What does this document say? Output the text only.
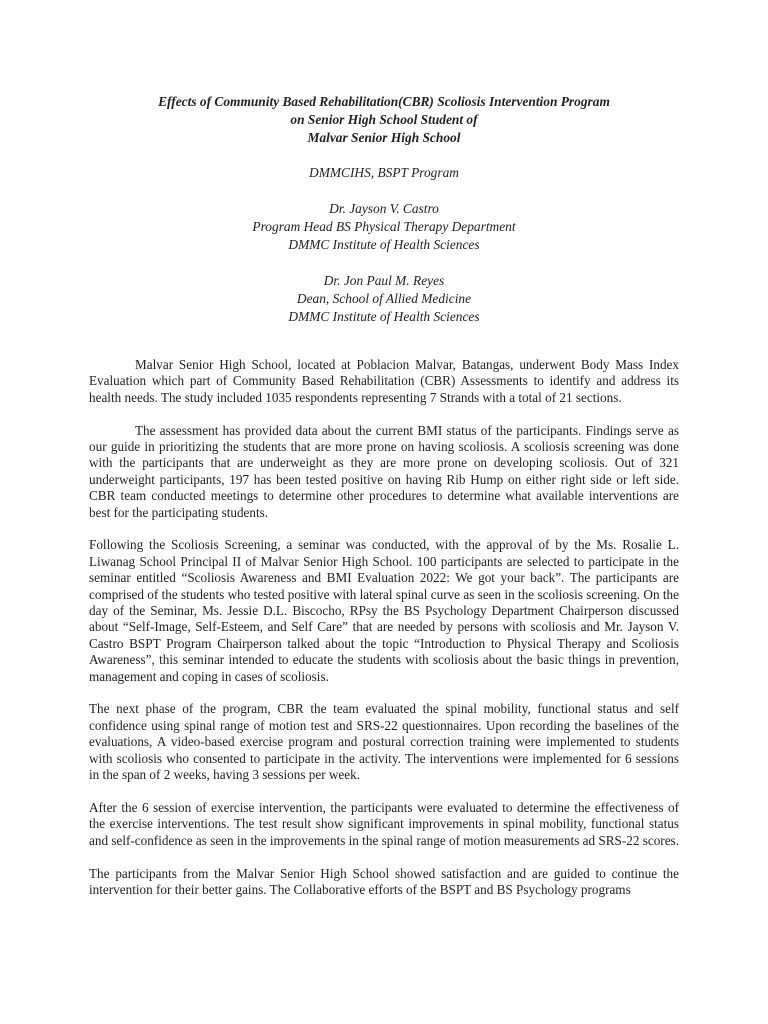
Effects of Community Based Rehabilitation(CBR) Scoliosis Intervention Program
on Senior High School Student of
Malvar Senior High School
DMMCIHS, BSPT Program
Dr. Jayson V. Castro
Program Head BS Physical Therapy Department
DMMC Institute of Health Sciences
Dr. Jon Paul M. Reyes
Dean, School of Allied Medicine
DMMC Institute of Health Sciences

Malvar Senior High School, located at Poblacion Malvar, Batangas, underwent Body Mass Index Evaluation which part of Community Based Rehabilitation (CBR) Assessments to identify and address its health needs. The study included 1035 respondents representing 7 Strands with a total of 21 sections.

The assessment has provided data about the current BMI status of the participants. Findings serve as our guide in prioritizing the students that are more prone on having scoliosis. A scoliosis screening was done with the participants that are underweight as they are more prone on developing scoliosis. Out of 321 underweight participants, 197 has been tested positive on having Rib Hump on either right side or left side. CBR team conducted meetings to determine other procedures to determine what available interventions are best for the participating students.

Following the Scoliosis Screening, a seminar was conducted, with the approval of by the Ms. Rosalie L. Liwanag School Principal II of Malvar Senior High School. 100 participants are selected to participate in the seminar entitled “Scoliosis Awareness and BMI Evaluation 2022: We got your back”. The participants are comprised of the students who tested positive with lateral spinal curve as seen in the scoliosis screening. On the day of the Seminar, Ms. Jessie D.L. Biscocho, RPsy the BS Psychology Department Chairperson discussed about “Self-Image, Self-Esteem, and Self Care” that are needed by persons with scoliosis and Mr. Jayson V. Castro BSPT Program Chairperson talked about the topic “Introduction to Physical Therapy and Scoliosis Awareness”, this seminar intended to educate the students with scoliosis about the basic things in prevention, management and coping in cases of scoliosis.

The next phase of the program, CBR the team evaluated the spinal mobility, functional status and self confidence using spinal range of motion test and SRS-22 questionnaires. Upon recording the baselines of the evaluations, A video-based exercise program and postural correction training were implemented to students with scoliosis who consented to participate in the activity. The interventions were implemented for 6 sessions in the span of 2 weeks, having 3 sessions per week.

After the 6 session of exercise intervention, the participants were evaluated to determine the effectiveness of the exercise interventions. The test result show significant improvements in spinal mobility, functional status and self-confidence as seen in the improvements in the spinal range of motion measurements ad SRS-22 scores.

The participants from the Malvar Senior High School showed satisfaction and are guided to continue the intervention for their better gains. The Collaborative efforts of the BSPT and BS Psychology programs
